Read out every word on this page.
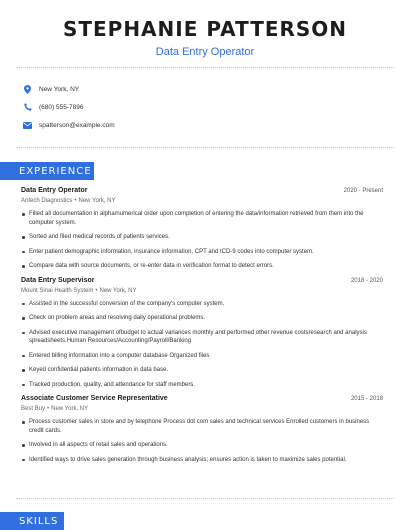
STEPHANIE PATTERSON
Data Entry Operator
New York, NY
(680) 555-7896
spatterson@example.com
EXPERIENCE
Data Entry Operator	2020 - Present
Antech Diagnostics • New York, NY
Filled all documentation in alpha/numerical order upon completion of entering the data/information retrieved from them into the computer system.
Sorted and filed medical records of patients services.
Enter patient demographic information, insurance information, CPT and ICD-9 codes into computer system.
Compare data with source documents, or re-enter data in verification format to detect errors.
Data Entry Supervisor	2018 - 2020
Mount Sinai Health System • New York, NY
Assisted in the successful conversion of the company's computer system.
Check on problem areas and resolving daily operational problems.
Advised executive management ofbudget to actual variances monthly and performed other revenue costsresearch and analysis spreadsheets.Human Resources/Accounting/Payroll/Banking
Entered billing information into a computer database Organized files
Keyed confidential patients information in data base.
Tracked production, quality, and attendance for staff members.
Associate Customer Service Representative	2015 - 2018
Best Buy • New York, NY
Process customer sales in store and by telephone Process dot com sales and technical services Enrolled customers in business credit cards.
Involved in all aspects of retail sales and operations.
Identified ways to drive sales generation through business analysis; ensures action is taken to maximize sales potential.
SKILLS
